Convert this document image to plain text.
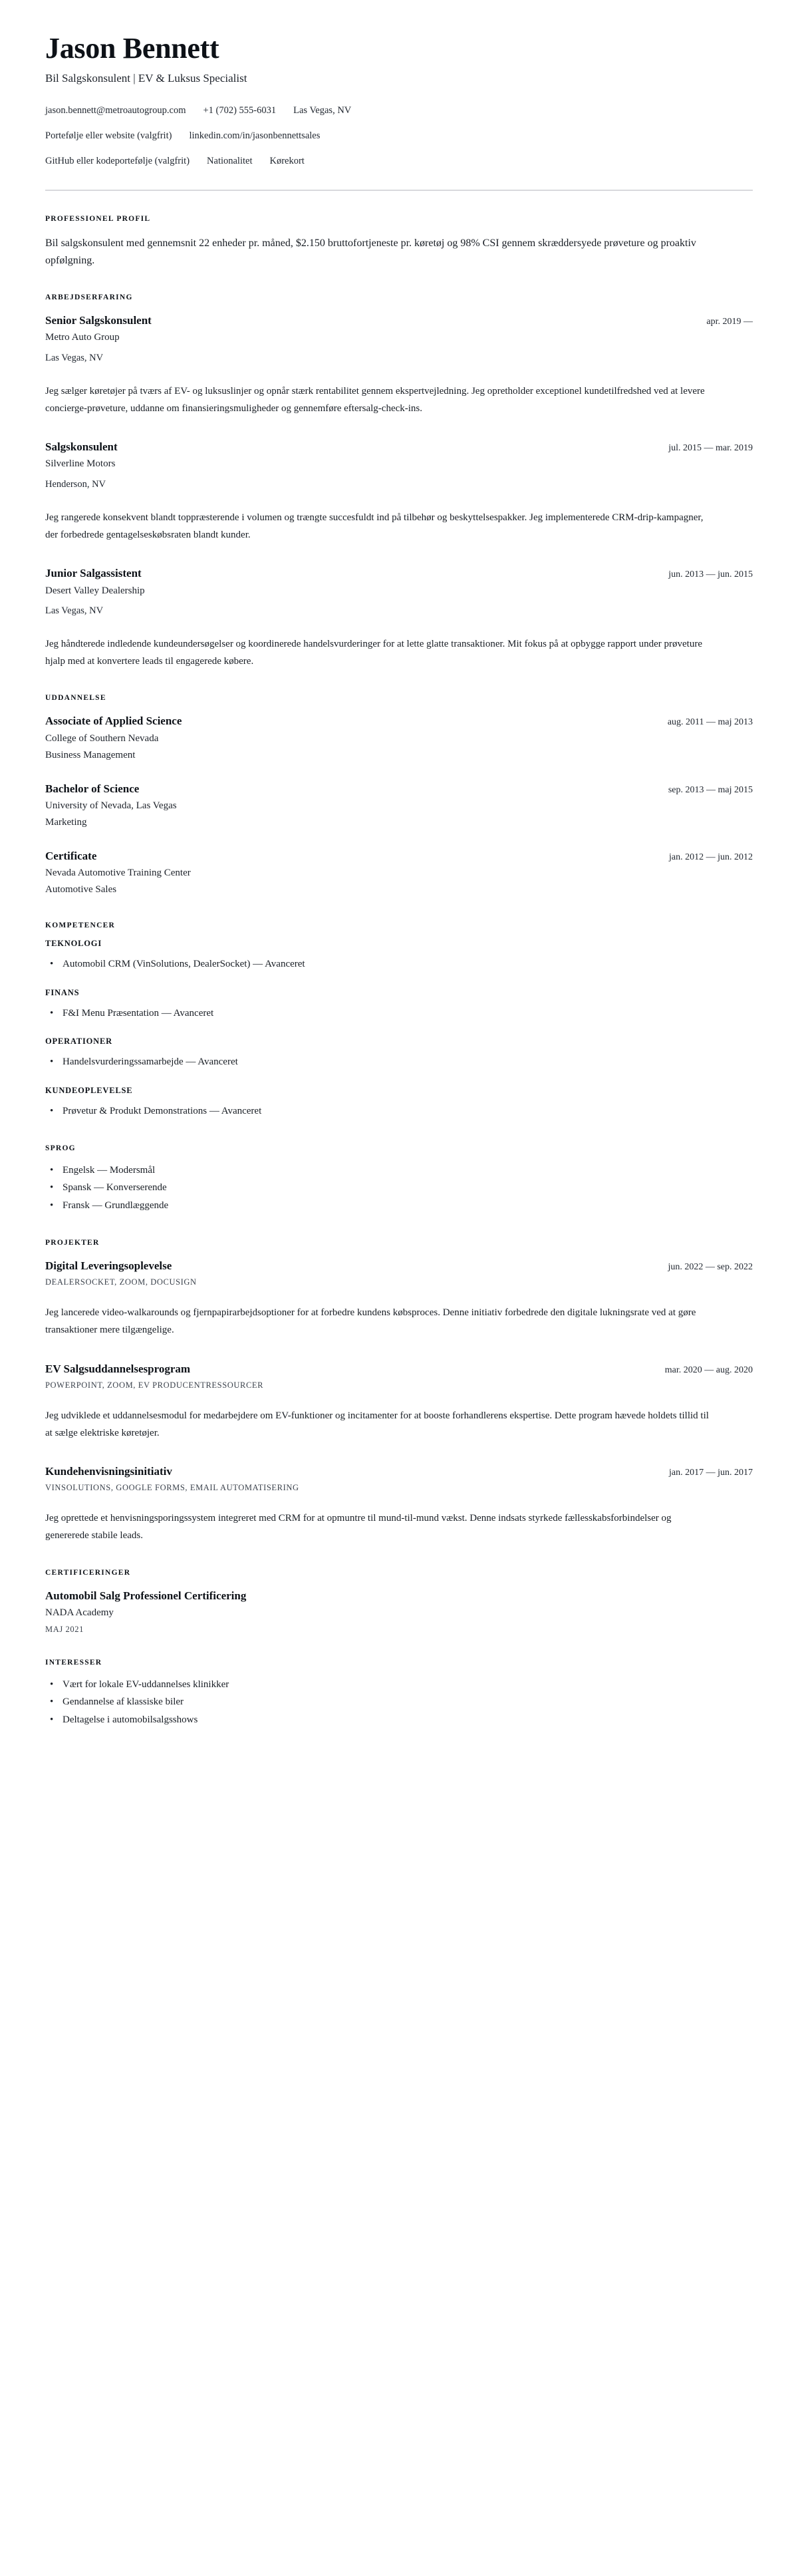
Jason Bennett

Bil Salgskonsulent | EV & Luksus Specialist

jason.bennett@metroautogroup.com +1 (702) 555-6031 Las Vegas, NV
Portefølje eller website (valgfrit) linkedin.com/in/jasonbennettsales
GitHub eller kodeportefølje (valgfrit) Nationalitet Kørekort
PROFESSIONEL PROFIL

Bil salgskonsulent med gennemsnit 22 enheder pr. måned, $2.150 bruttofortjeneste pr. køretøj og 98% CSI gennem skræddersyede prøveture og proaktiv opfølgning.

ARBEJDSERFARING
Senior Salgskonsulent	apr. 2019 —

Metro Auto Group

Las Vegas, NV

Jeg sælger køretøjer på tværs af EV- og luksuslinjer og opnår stærk rentabilitet gennem ekspertvejledning. Jeg opretholder exceptionel kundetilfredshed ved at levere concierge-prøveture, uddanne om finansieringsmuligheder og gennemføre eftersalg-check-ins.

Salgskonsulent	jul. 2015 — mar. 2019

Silverline Motors

Henderson, NV

Jeg rangerede konsekvent blandt toppræsterende i volumen og trængte succesfuldt ind på tilbehør og beskyttelsespakker. Jeg implementerede CRM-drip-kampagner, der forbedrede gentagelseskøbsraten blandt kunder.

Junior Salgassistent	jun. 2013 — jun. 2015

Desert Valley Dealership

Las Vegas, NV

Jeg håndterede indledende kundeundersøgelser og koordinerede handelsvurderinger for at lette glatte transaktioner. Mit fokus på at opbygge rapport under prøveture hjalp med at konvertere leads til engagerede købere.

UDDANNELSE
Associate of Applied Science	aug. 2011 — maj 2013

College of Southern Nevada

Business Management

Bachelor of Science	sep. 2013 — maj 2015

University of Nevada, Las Vegas

Marketing

Certificate	jan. 2012 — jun. 2012

Nevada Automotive Training Center

Automotive Sales

KOMPETENCER
TEKNOLOGI
• Automobil CRM (VinSolutions, DealerSocket) — Avanceret
FINANS
• F&I Menu Præsentation — Avanceret
OPERATIONER
• Handelsvurderingssamarbejde — Avanceret
KUNDEOPLEVELSE
• Prøvetur & Produkt Demonstrations — Avanceret
SPROG
• Engelsk — Modersmål
• Spansk — Konverserende
• Fransk — Grundlæggende
PROJEKTER
Digital Leveringsoplevelse	jun. 2022 — sep. 2022

DEALERSOCKET, ZOOM, DOCUSIGN

Jeg lancerede video-walkarounds og fjernpapirarbejdsoptioner for at forbedre kundens købsproces. Denne initiativ forbedrede den digitale lukningsrate ved at gøre transaktioner mere tilgængelige.

EV Salgsuddannelsesprogram	mar. 2020 — aug. 2020

POWERPOINT, ZOOM, EV PRODUCENTRESSOURCER

Jeg udviklede et uddannelsesmodul for medarbejdere om EV-funktioner og incitamenter for at booste forhandlerens ekspertise. Dette program hævede holdets tillid til at sælge elektriske køretøjer.

Kundehenvisningsinitiativ	jan. 2017 — jun. 2017

VINSOLUTIONS, GOOGLE FORMS, EMAIL AUTOMATISERING

Jeg oprettede et henvisningsporingssystem integreret med CRM for at opmuntre til mund-til-mund vækst. Denne indsats styrkede fællesskabsforbindelser og genererede stabile leads.

CERTIFICERINGER
Automobil Salg Professionel Certificering

NADA Academy

MAJ 2021

INTERESSER
• Vært for lokale EV-uddannelses klinikker
• Gendannelse af klassiske biler
• Deltagelse i automobilsalgsshows
